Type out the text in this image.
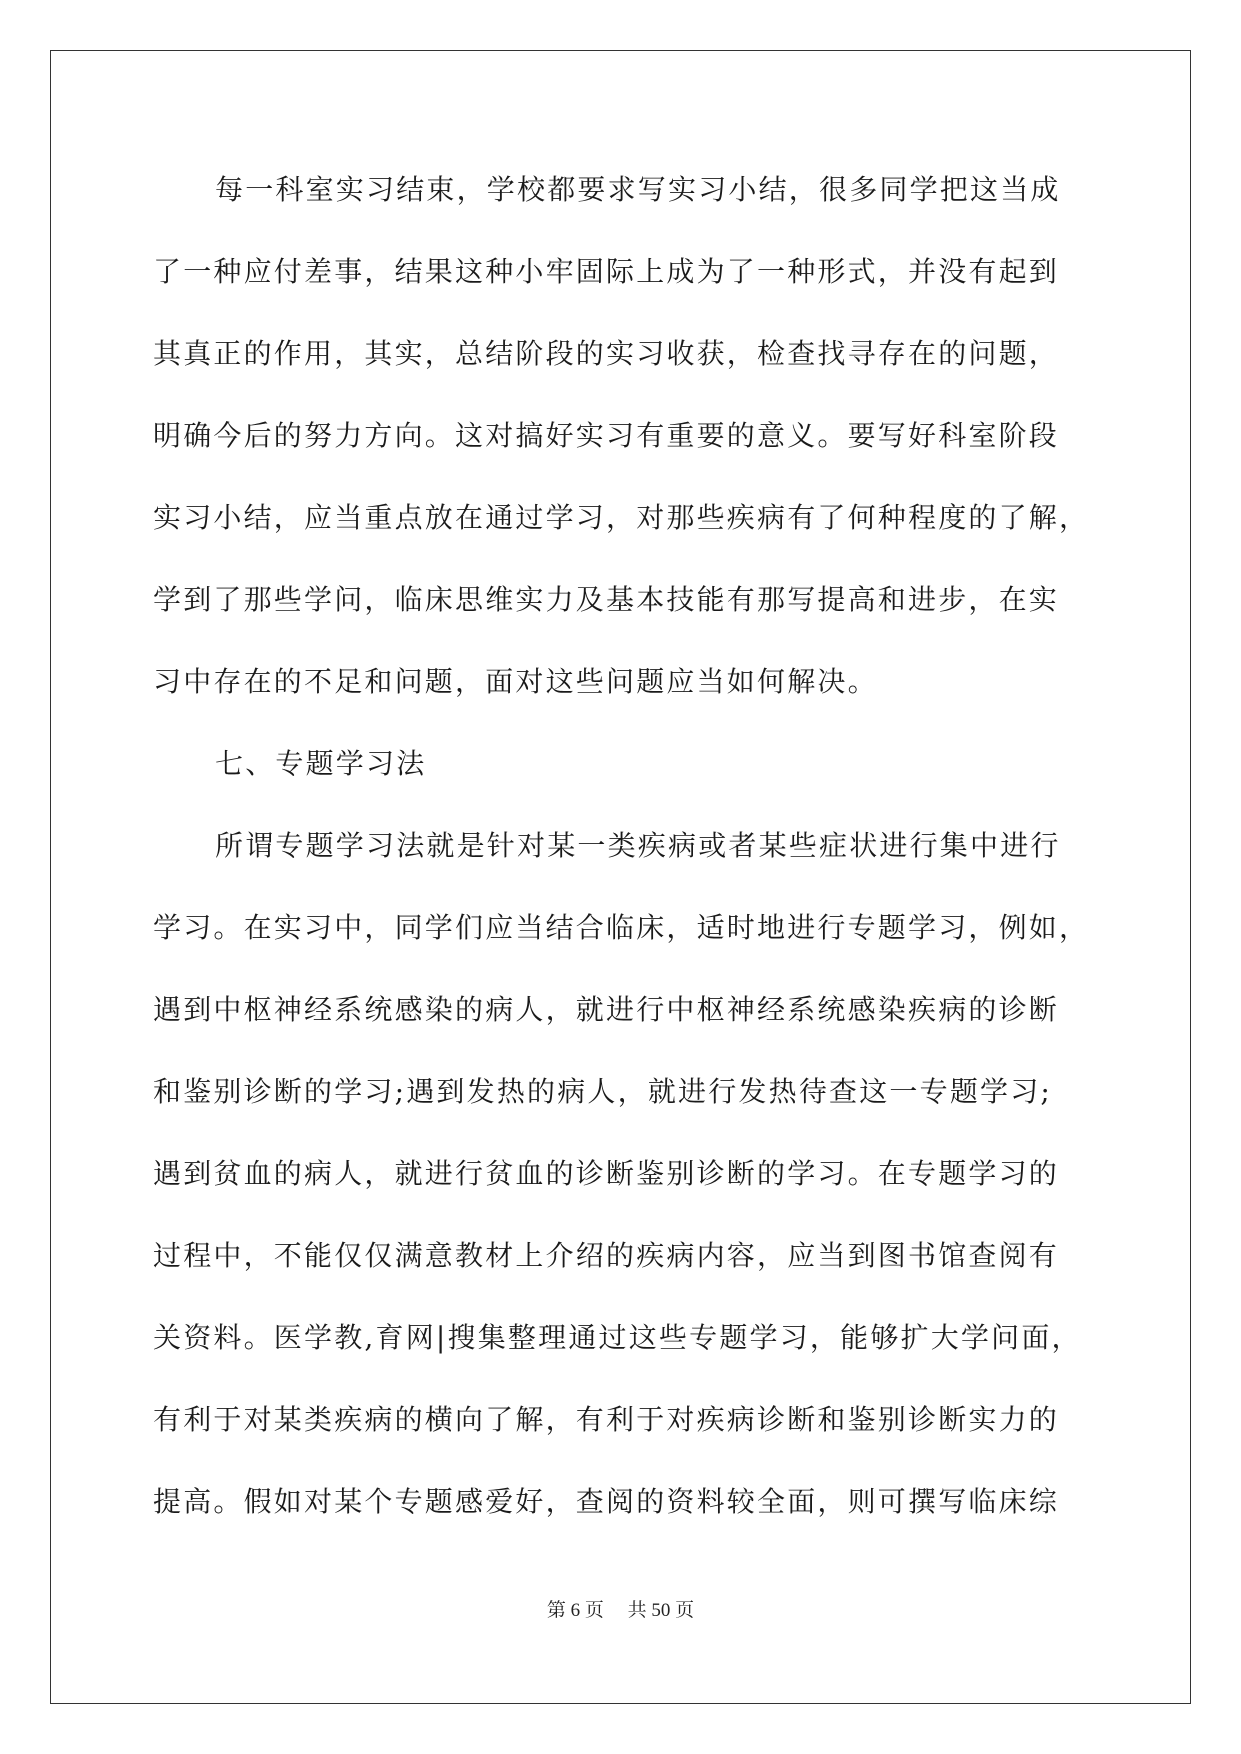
每一科室实习结束，学校都要求写实习小结，很多同学把这当成
了一种应付差事，结果这种小牢固际上成为了一种形式，并没有起到
其真正的作用，其实，总结阶段的实习收获，检查找寻存在的问题，
明确今后的努力方向。这对搞好实习有重要的意义。要写好科室阶段
实习小结，应当重点放在通过学习，对那些疾病有了何种程度的了解，
学到了那些学问，临床思维实力及基本技能有那写提高和进步，在实
习中存在的不足和问题，面对这些问题应当如何解决。
七、专题学习法
所谓专题学习法就是针对某一类疾病或者某些症状进行集中进行
学习。在实习中，同学们应当结合临床，适时地进行专题学习，例如，
遇到中枢神经系统感染的病人，就进行中枢神经系统感染疾病的诊断
和鉴别诊断的学习;遇到发热的病人，就进行发热待查这一专题学习;
遇到贫血的病人，就进行贫血的诊断鉴别诊断的学习。在专题学习的
过程中，不能仅仅满意教材上介绍的疾病内容，应当到图书馆查阅有
关资料。医学教,育网|搜集整理通过这些专题学习，能够扩大学问面，
有利于对某类疾病的横向了解，有利于对疾病诊断和鉴别诊断实力的
提高。假如对某个专题感爱好，查阅的资料较全面，则可撰写临床综
第 6 页　 共 50 页
